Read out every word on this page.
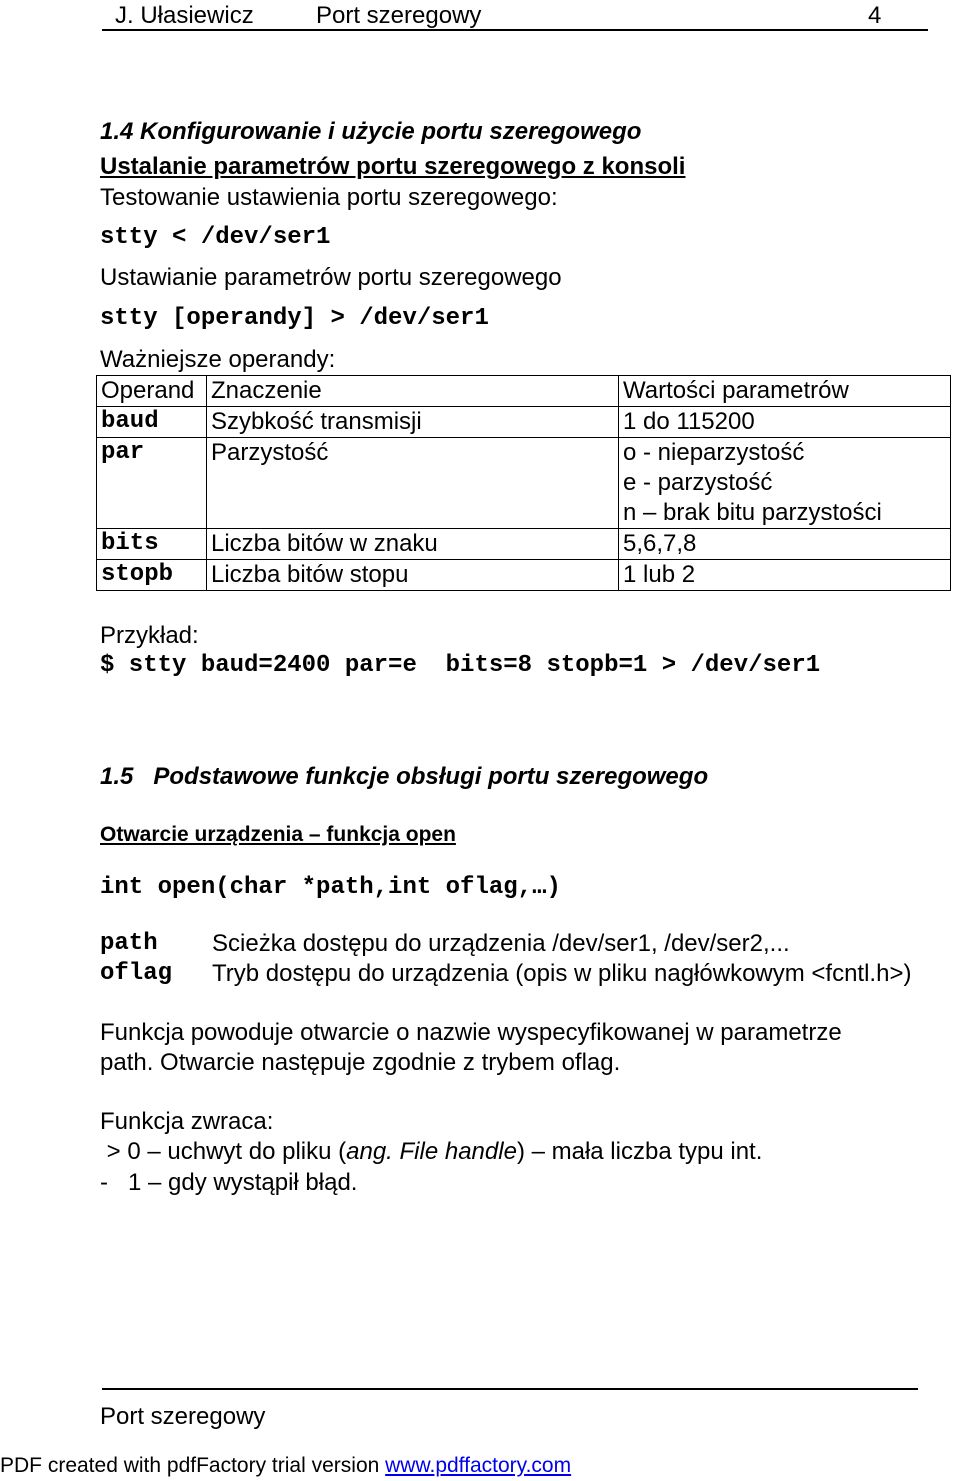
J. Ułasiewicz	Port szeregowy	4
1.4 Konfigurowanie i użycie portu szeregowego
Ustalanie parametrów portu szeregowego z konsoli
Testowanie ustawienia portu szeregowego:
stty < /dev/ser1
Ustawianie parametrów portu szeregowego
stty [operandy] > /dev/ser1
Ważniejsze operandy:
Operand	Znaczenie	Wartości parametrów
baud	Szybkość transmisji	1 do 115200
par	Parzystość	o - nieparzystość
e - parzystość
n – brak bitu parzystości

bits	Liczba bitów w znaku	5,6,7,8
stopb	Liczba bitów stopu	1 lub 2
Przykład:
$ stty baud=2400 par=e  bits=8 stopb=1 > /dev/ser1
1.5   Podstawowe funkcje obsługi portu szeregowego
Otwarcie urządzenia – funkcja open
int open(char *path,int oflag,…)
path Scieżka dostępu do urządzenia /dev/ser1, /dev/ser2,...
oflag Tryb dostępu do urządzenia (opis w pliku nagłówkowym <fcntl.h>)
Funkcja powoduje otwarcie o nazwie wyspecyfikowanej w parametrze
path. Otwarcie następuje zgodnie z trybem oflag.
Funkcja zwraca:
> 0 – uchwyt do pliku (ang. File handle) – mała liczba typu int.
-   1 – gdy wystąpił błąd.
Port szeregowy
PDF created with pdfFactory trial version www.pdffactory.com
